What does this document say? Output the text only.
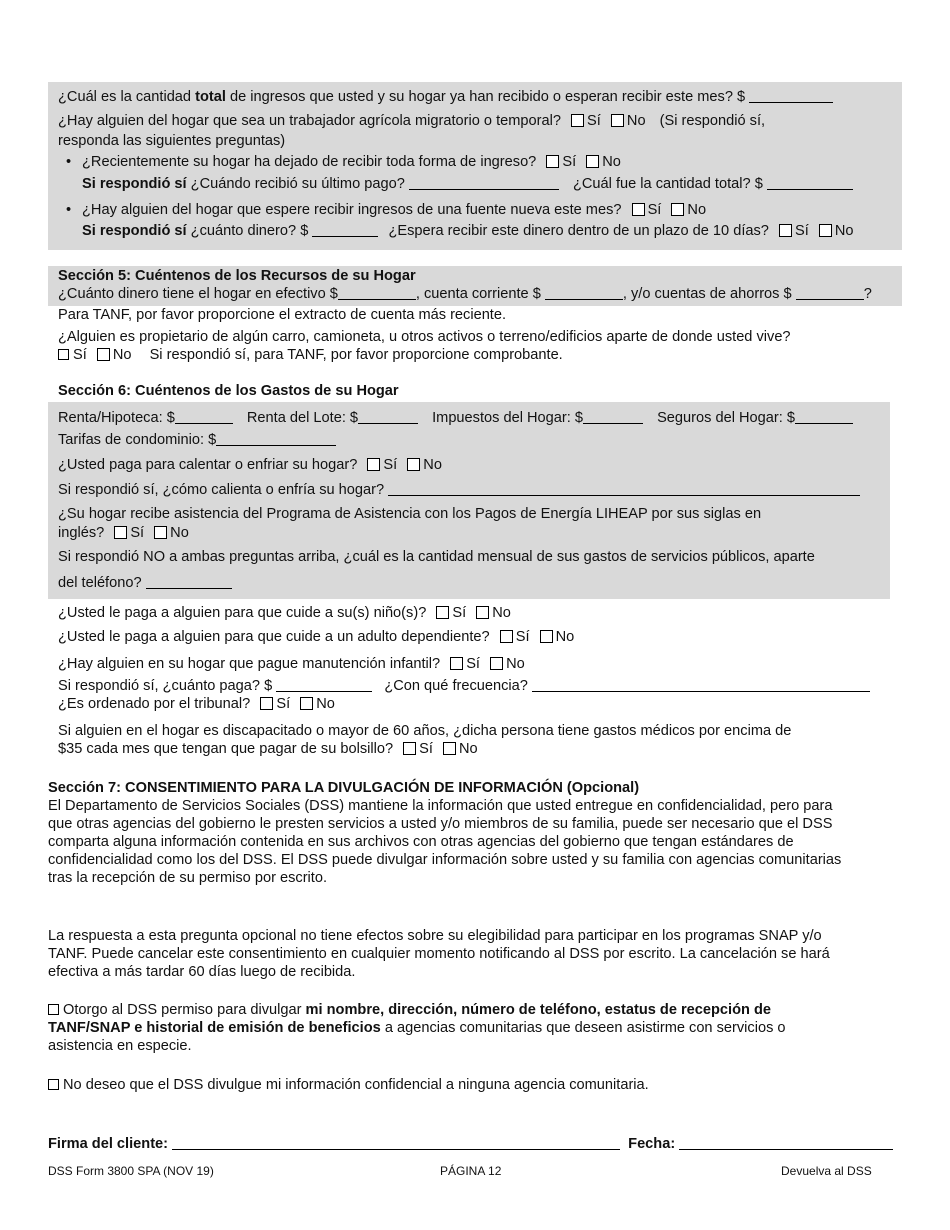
¿Cuál es la cantidad total de ingresos que usted y su hogar ya han recibido o esperan recibir este mes? $
¿Hay alguien del hogar que sea un trabajador agrícola migratorio o temporal? Sí No (Si respondió sí,
responda las siguientes preguntas)
• ¿Recientemente su hogar ha dejado de recibir toda forma de ingreso? Sí No
Si respondió sí ¿Cuándo recibió su último pago?	¿Cuál fue la cantidad total? $
• ¿Hay alguien del hogar que espere recibir ingresos de una fuente nueva este mes? Sí No
Si respondió sí ¿cuánto dinero? $	¿Espera recibir este dinero dentro de un plazo de 10 días? Sí No
Sección 5: Cuéntenos de los Recursos de su Hogar
¿Cuánto dinero tiene el hogar en efectivo $	, cuenta corriente $	, y/o cuentas de ahorros $	?
Para TANF, por favor proporcione el extracto de cuenta más reciente.
¿Alguien es propietario de algún carro, camioneta, u otros activos o terreno/edificios aparte de donde usted vive?
Sí No Si respondió sí, para TANF, por favor proporcione comprobante.
Sección 6: Cuéntenos de los Gastos de su Hogar
Renta/Hipoteca: $	Renta del Lote: $	Impuestos del Hogar: $	Seguros del Hogar: $
Tarifas de condominio: $
¿Usted paga para calentar o enfriar su hogar? Sí No
Si respondió sí, ¿cómo calienta o enfría su hogar?
¿Su hogar recibe asistencia del Programa de Asistencia con los Pagos de Energía LIHEAP por sus siglas en
inglés? Sí No
Si respondió NO a ambas preguntas arriba, ¿cuál es la cantidad mensual de sus gastos de servicios públicos, aparte
del teléfono?
¿Usted le paga a alguien para que cuide a su(s) niño(s)? Sí No
¿Usted le paga a alguien para que cuide a un adulto dependiente? Sí No
¿Hay alguien en su hogar que pague manutención infantil? Sí No
Si respondió sí, ¿cuánto paga? $	¿Con qué frecuencia?
¿Es ordenado por el tribunal? Sí No
Si alguien en el hogar es discapacitado o mayor de 60 años, ¿dicha persona tiene gastos médicos por encima de
$35 cada mes que tengan que pagar de su bolsillo? Sí No
Sección 7: CONSENTIMIENTO PARA LA DIVULGACIÓN DE INFORMACIÓN (Opcional)
El Departamento de Servicios Sociales (DSS) mantiene la información que usted entregue en confidencialidad, pero para
que otras agencias del gobierno le presten servicios a usted y/o miembros de su familia, puede ser necesario que el DSS
comparta alguna información contenida en sus archivos con otras agencias del gobierno que tengan estándares de
confidencialidad como los del DSS. El DSS puede divulgar información sobre usted y su familia con agencias comunitarias
tras la recepción de su permiso por escrito.
La respuesta a esta pregunta opcional no tiene efectos sobre su elegibilidad para participar en los programas SNAP y/o
TANF. Puede cancelar este consentimiento en cualquier momento notificando al DSS por escrito. La cancelación se hará
efectiva a más tardar 60 días luego de recibida.
Otorgo al DSS permiso para divulgar mi nombre, dirección, número de teléfono, estatus de recepción de
TANF/SNAP e historial de emisión de beneficios a agencias comunitarias que deseen asistirme con servicios o
asistencia en especie.
No deseo que el DSS divulgue mi información confidencial a ninguna agencia comunitaria.
Firma del cliente:	Fecha:
DSS Form 3800 SPA (NOV 19)	PÁGINA 12	Devuelva al DSS
